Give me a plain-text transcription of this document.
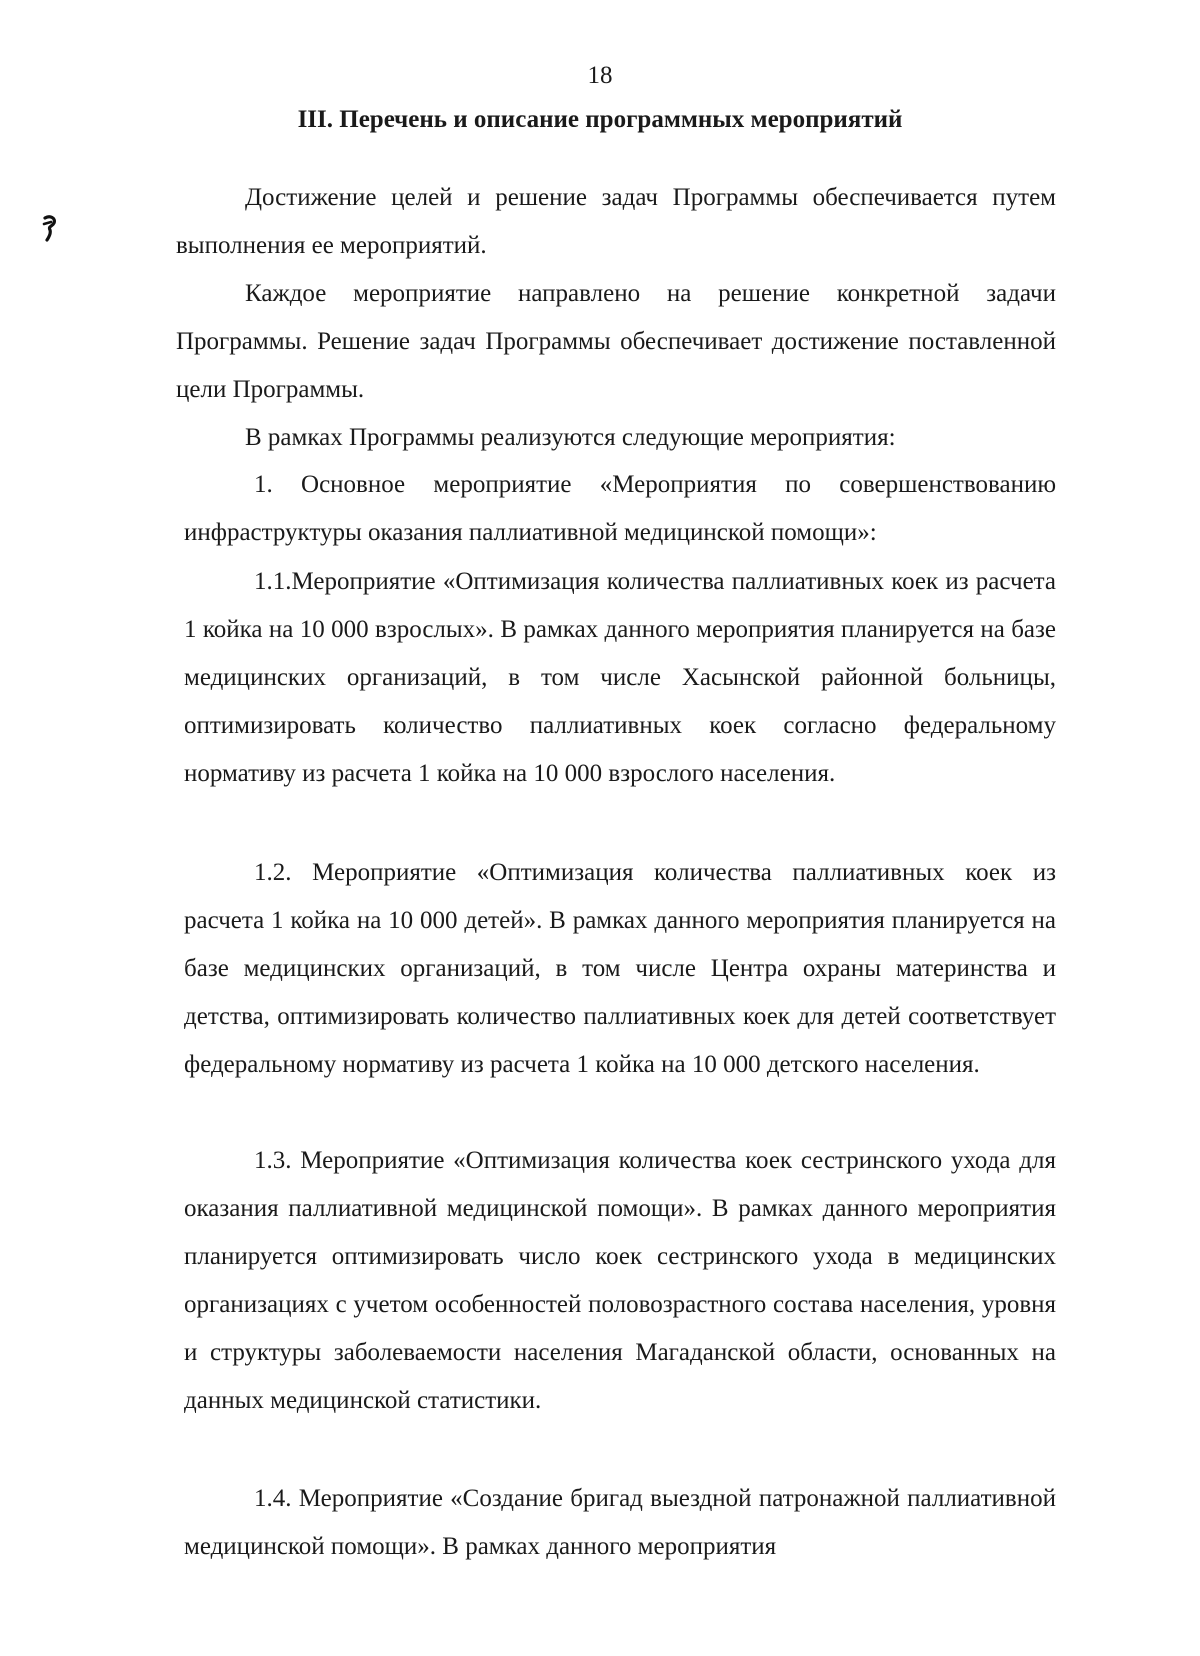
18
III. Перечень и описание программных мероприятий

Достижение целей и решение задач Программы обеспечивается путем выполнения ее мероприятий.

Каждое мероприятие направлено на решение конкретной задачи Программы. Решение задач Программы обеспечивает достижение поставленной цели Программы.

В рамках Программы реализуются следующие мероприятия:

1. Основное мероприятие «Мероприятия по совершенствованию инфраструктуры оказания паллиативной медицинской помощи»:

1.1.Мероприятие «Оптимизация количества паллиативных коек из расчета 1 койка на 10 000 взрослых». В рамках данного мероприятия планируется на базе медицинских организаций, в том числе Хасынской районной больницы, оптимизировать количество паллиативных коек согласно федеральному нормативу из расчета 1 койка на 10 000 взрослого населения.

1.2. Мероприятие «Оптимизация количества паллиативных коек из расчета 1 койка на 10 000 детей». В рамках данного мероприятия планируется на базе медицинских организаций, в том числе Центра охраны материнства и детства, оптимизировать количество паллиативных коек для детей соответствует федеральному нормативу из расчета 1 койка на 10 000 детского населения.

1.3. Мероприятие «Оптимизация количества коек сестринского ухода для оказания паллиативной медицинской помощи». В рамках данного мероприятия планируется оптимизировать число коек сестринского ухода в медицинских организациях с учетом особенностей половозрастного состава населения, уровня и структуры заболеваемости населения Магаданской области, основанных на данных медицинской статистики.

1.4. Мероприятие «Создание бригад выездной патронажной паллиативной медицинской помощи». В рамках данного мероприятия
